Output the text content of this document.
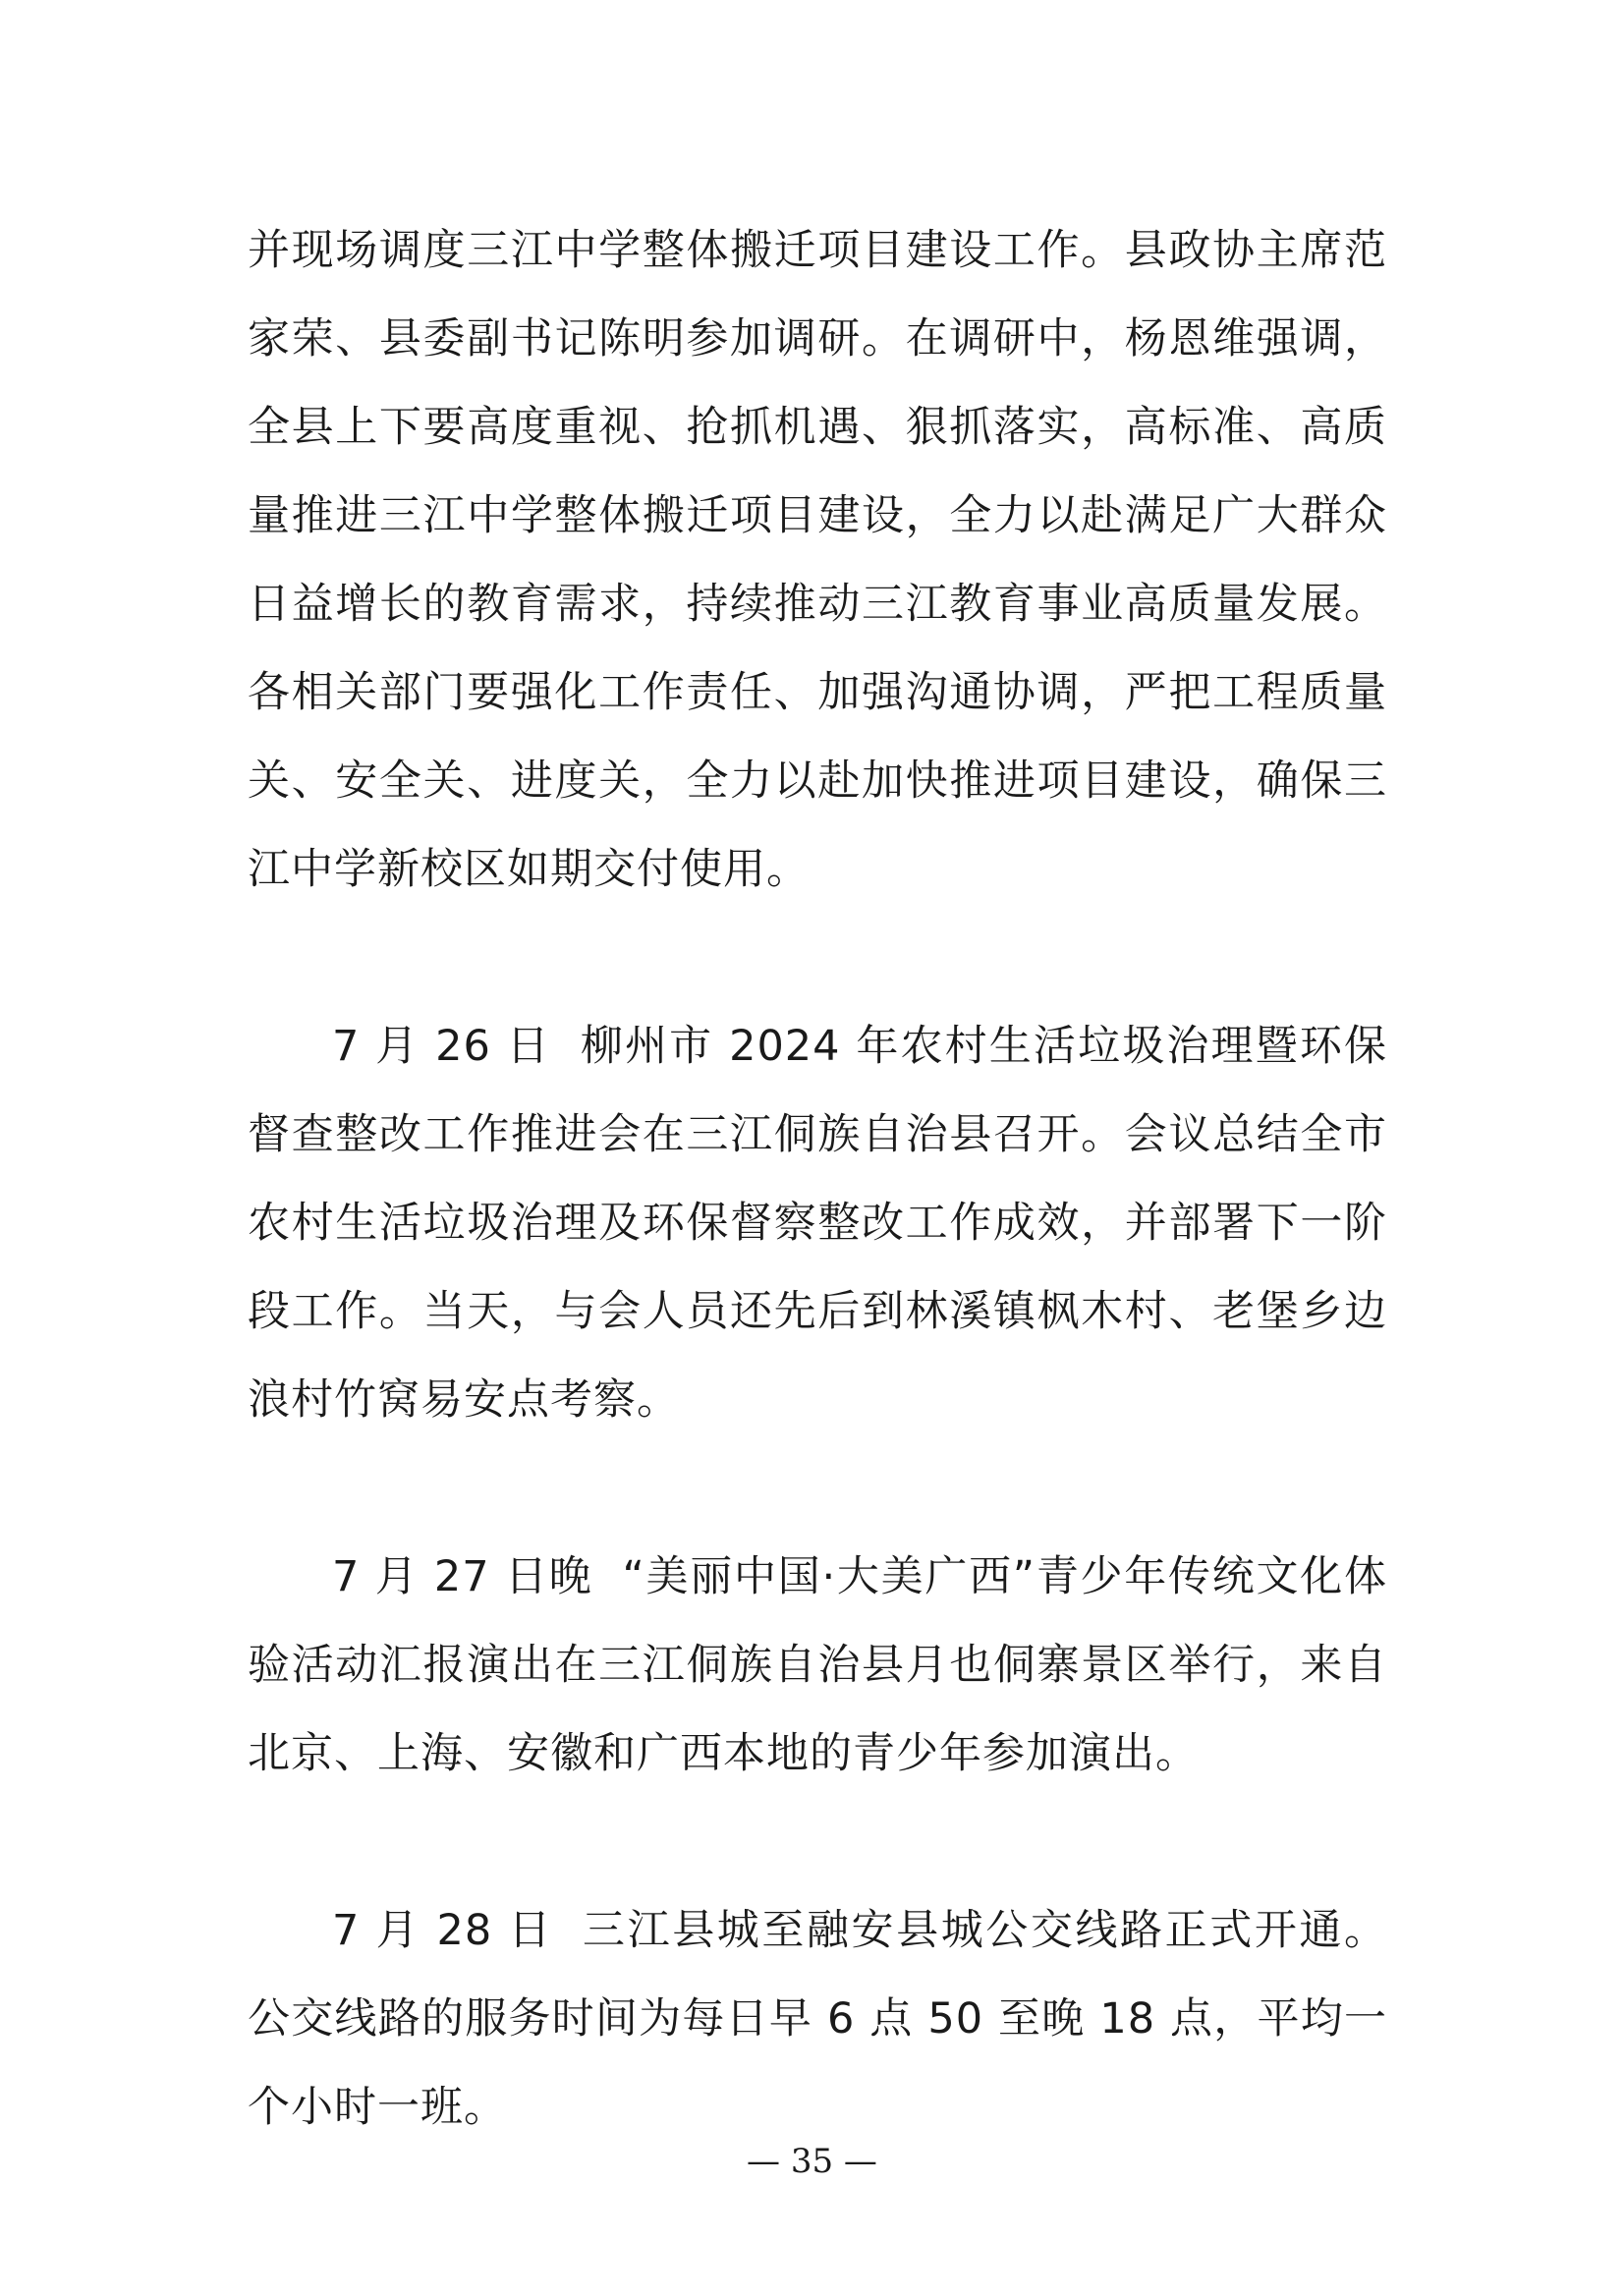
并现场调度三江中学整体搬迁项目建设工作。县政协主席范家荣、县委副书记陈明参加调研。在调研中，杨恩维强调，全县上下要高度重视、抢抓机遇、狠抓落实，高标准、高质量推进三江中学整体搬迁项目建设，全力以赴满足广大群众日益增长的教育需求，持续推动三江教育事业高质量发展。各相关部门要强化工作责任、加强沟通协调，严把工程质量关、安全关、进度关，全力以赴加快推进项目建设，确保三江中学新校区如期交付使用。

7 月 26 日 柳州市 2024 年农村生活垃圾治理暨环保督查整改工作推进会在三江侗族自治县召开。会议总结全市农村生活垃圾治理及环保督察整改工作成效，并部署下一阶段工作。当天，与会人员还先后到林溪镇枫木村、老堡乡边浪村竹窝易安点考察。

7 月 27 日晚 “美丽中国·大美广西”青少年传统文化体验活动汇报演出在三江侗族自治县月也侗寨景区举行，来自北京、上海、安徽和广西本地的青少年参加演出。

7 月 28 日 三江县城至融安县城公交线路正式开通。公交线路的服务时间为每日早 6 点 50 至晚 18 点，平均一个小时一班。

— 35 —
